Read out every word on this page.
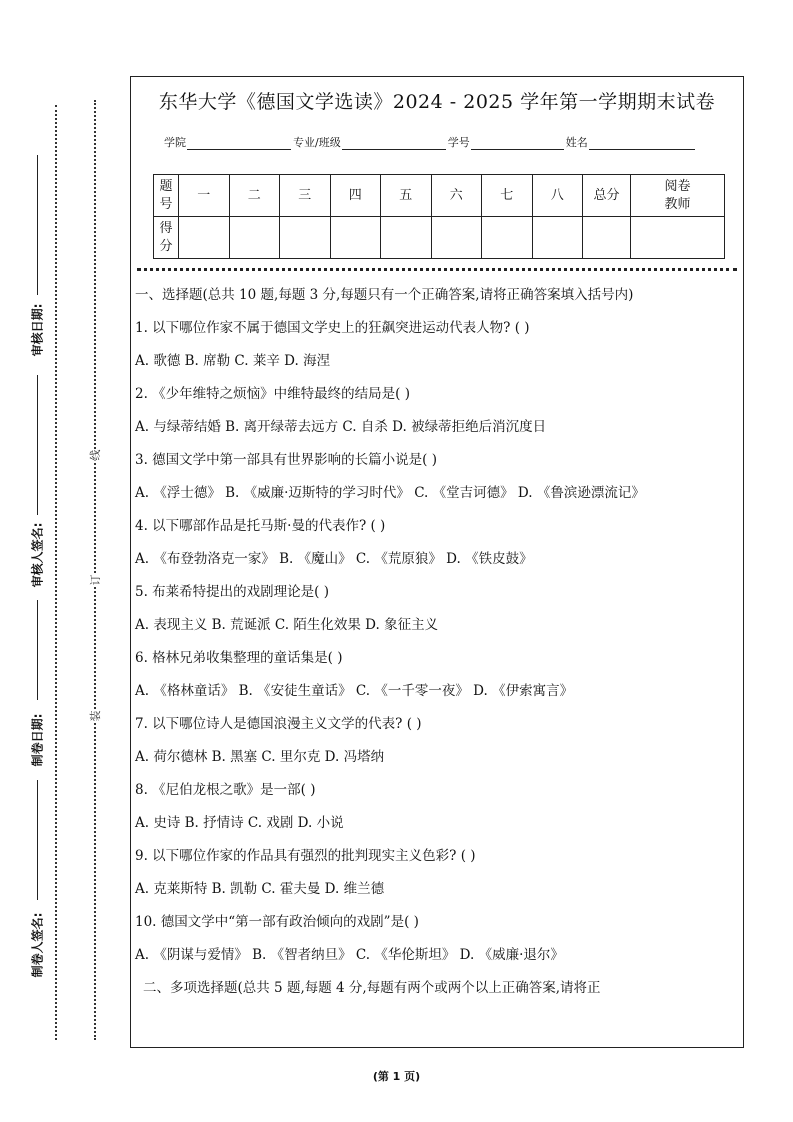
审核日期:
审核人签名:
制卷日期:
制卷人签名:
线
订
装
东华大学《德国文学选读》2024 - 2025 学年第一学期期末试卷
学院	专业/班级	学号	姓名
题号	一	二	三	四	五	六	七	八	总分	阅卷教师
得分										

一、选择题(总共 10 题,每题 3 分,每题只有一个正确答案,请将正确答案填入括号内)

1. 以下哪位作家不属于德国文学史上的狂飙突进运动代表人物? ( )

A. 歌德 B. 席勒 C. 莱辛 D. 海涅

2. 《少年维特之烦恼》中维特最终的结局是( )

A. 与绿蒂结婚 B. 离开绿蒂去远方 C. 自杀 D. 被绿蒂拒绝后消沉度日

3. 德国文学中第一部具有世界影响的长篇小说是( )

A. 《浮士德》 B. 《威廉·迈斯特的学习时代》 C. 《堂吉诃德》 D. 《鲁滨逊漂流记》

4. 以下哪部作品是托马斯·曼的代表作? ( )

A. 《布登勃洛克一家》 B. 《魔山》 C. 《荒原狼》 D. 《铁皮鼓》

5. 布莱希特提出的戏剧理论是( )

A. 表现主义 B. 荒诞派 C. 陌生化效果 D. 象征主义

6. 格林兄弟收集整理的童话集是( )

A. 《格林童话》 B. 《安徒生童话》 C. 《一千零一夜》 D. 《伊索寓言》

7. 以下哪位诗人是德国浪漫主义文学的代表? ( )

A. 荷尔德林 B. 黑塞 C. 里尔克 D. 冯塔纳

8. 《尼伯龙根之歌》是一部( )

A. 史诗 B. 抒情诗 C. 戏剧 D. 小说

9. 以下哪位作家的作品具有强烈的批判现实主义色彩? ( )

A. 克莱斯特 B. 凯勒 C. 霍夫曼 D. 维兰德

10. 德国文学中“第一部有政治倾向的戏剧”是( )

A. 《阴谋与爱情》 B. 《智者纳旦》 C. 《华伦斯坦》 D. 《威廉·退尔》

二、多项选择题(总共 5 题,每题 4 分,每题有两个或两个以上正确答案,请将正

(第 1 页)
